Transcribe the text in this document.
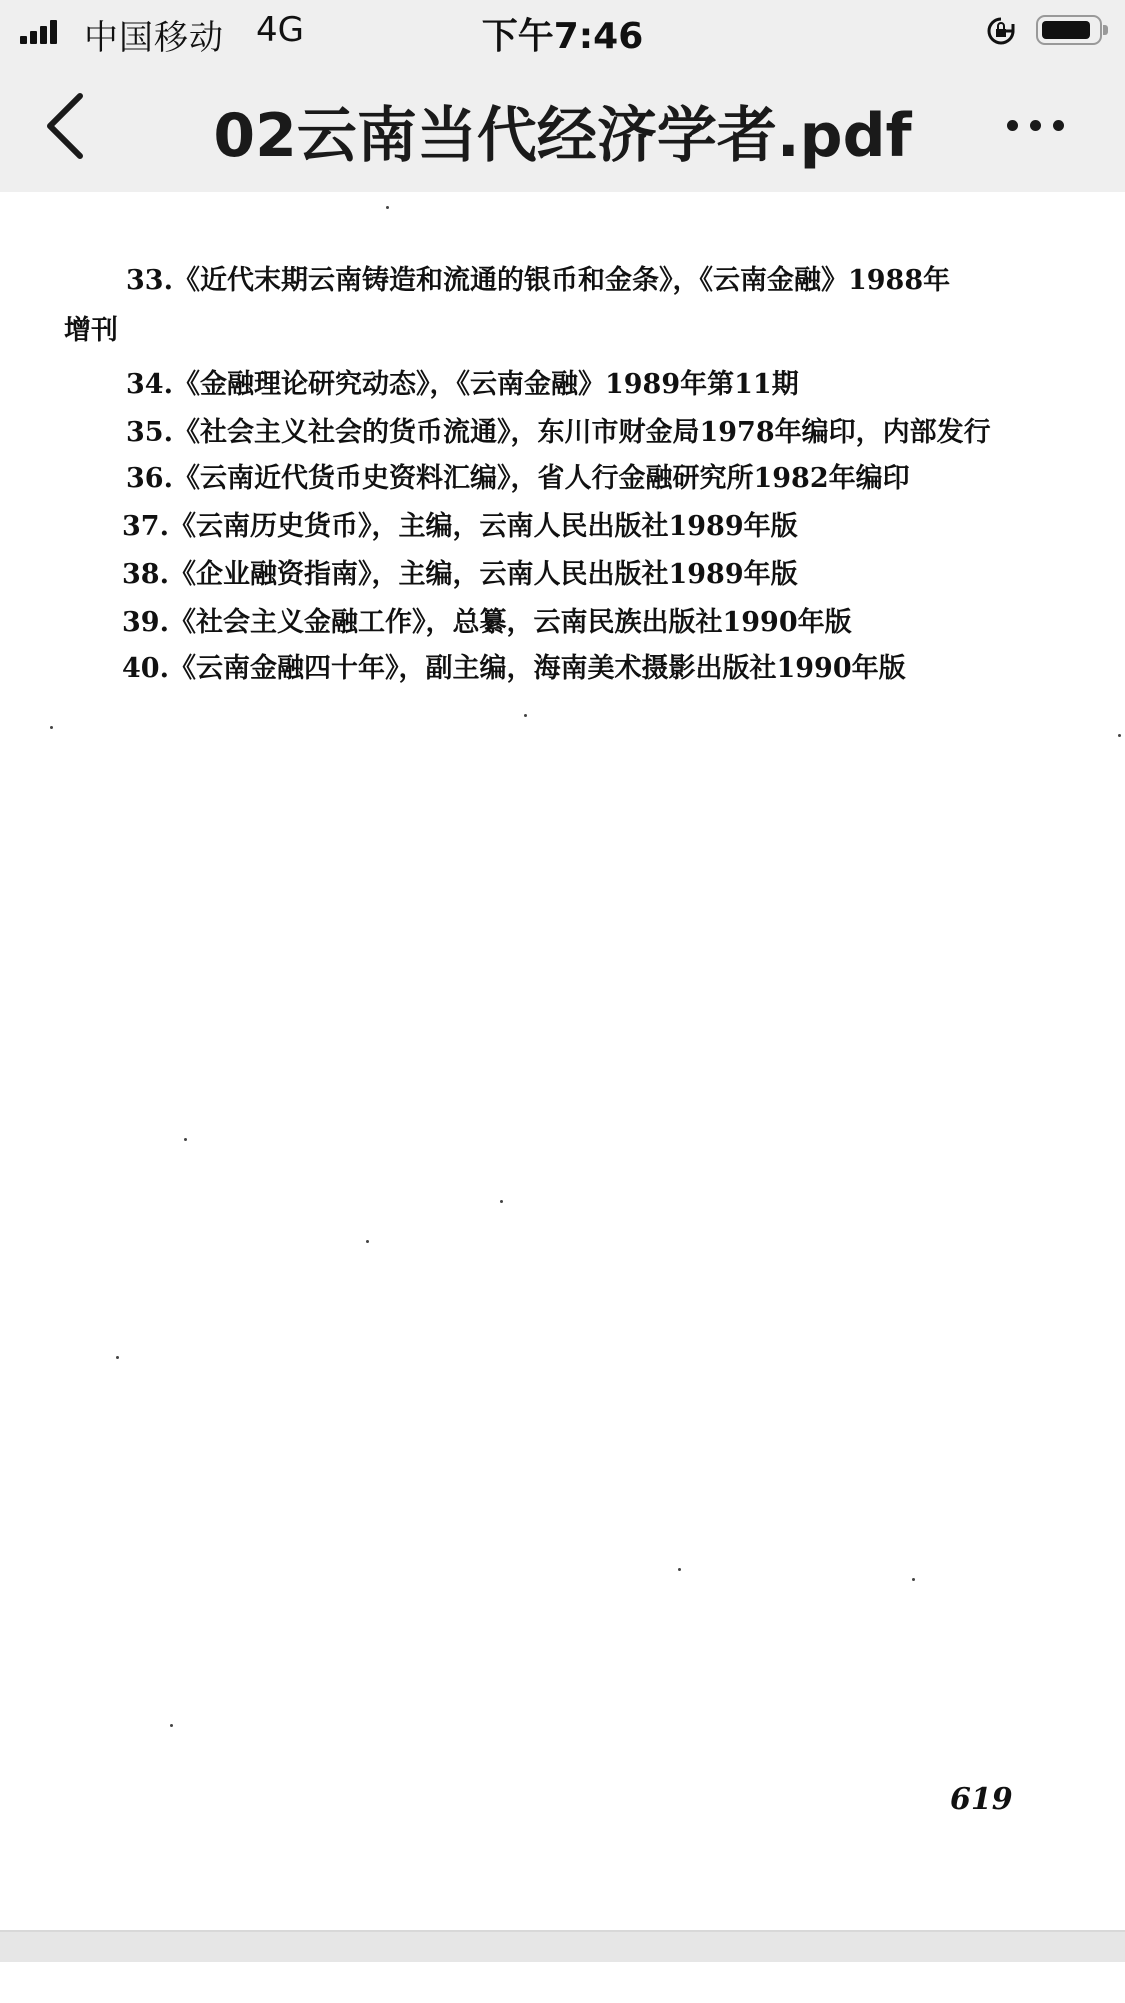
中国移动 4G	下午7:46
02云南当代经济学者.pdf
33.《近代末期云南铸造和流通的银币和金条》，《云南金融》1988年
增刊
34.《金融理论研究动态》，《云南金融》1989年第11期
35.《社会主义社会的货币流通》，东川市财金局1978年编印，内部发行
36.《云南近代货币史资料汇编》，省人行金融研究所1982年编印
37.《云南历史货币》，主编，云南人民出版社1989年版
38.《企业融资指南》，主编，云南人民出版社1989年版
39.《社会主义金融工作》，总纂，云南民族出版社1990年版
40.《云南金融四十年》，副主编，海南美术摄影出版社1990年版
619
